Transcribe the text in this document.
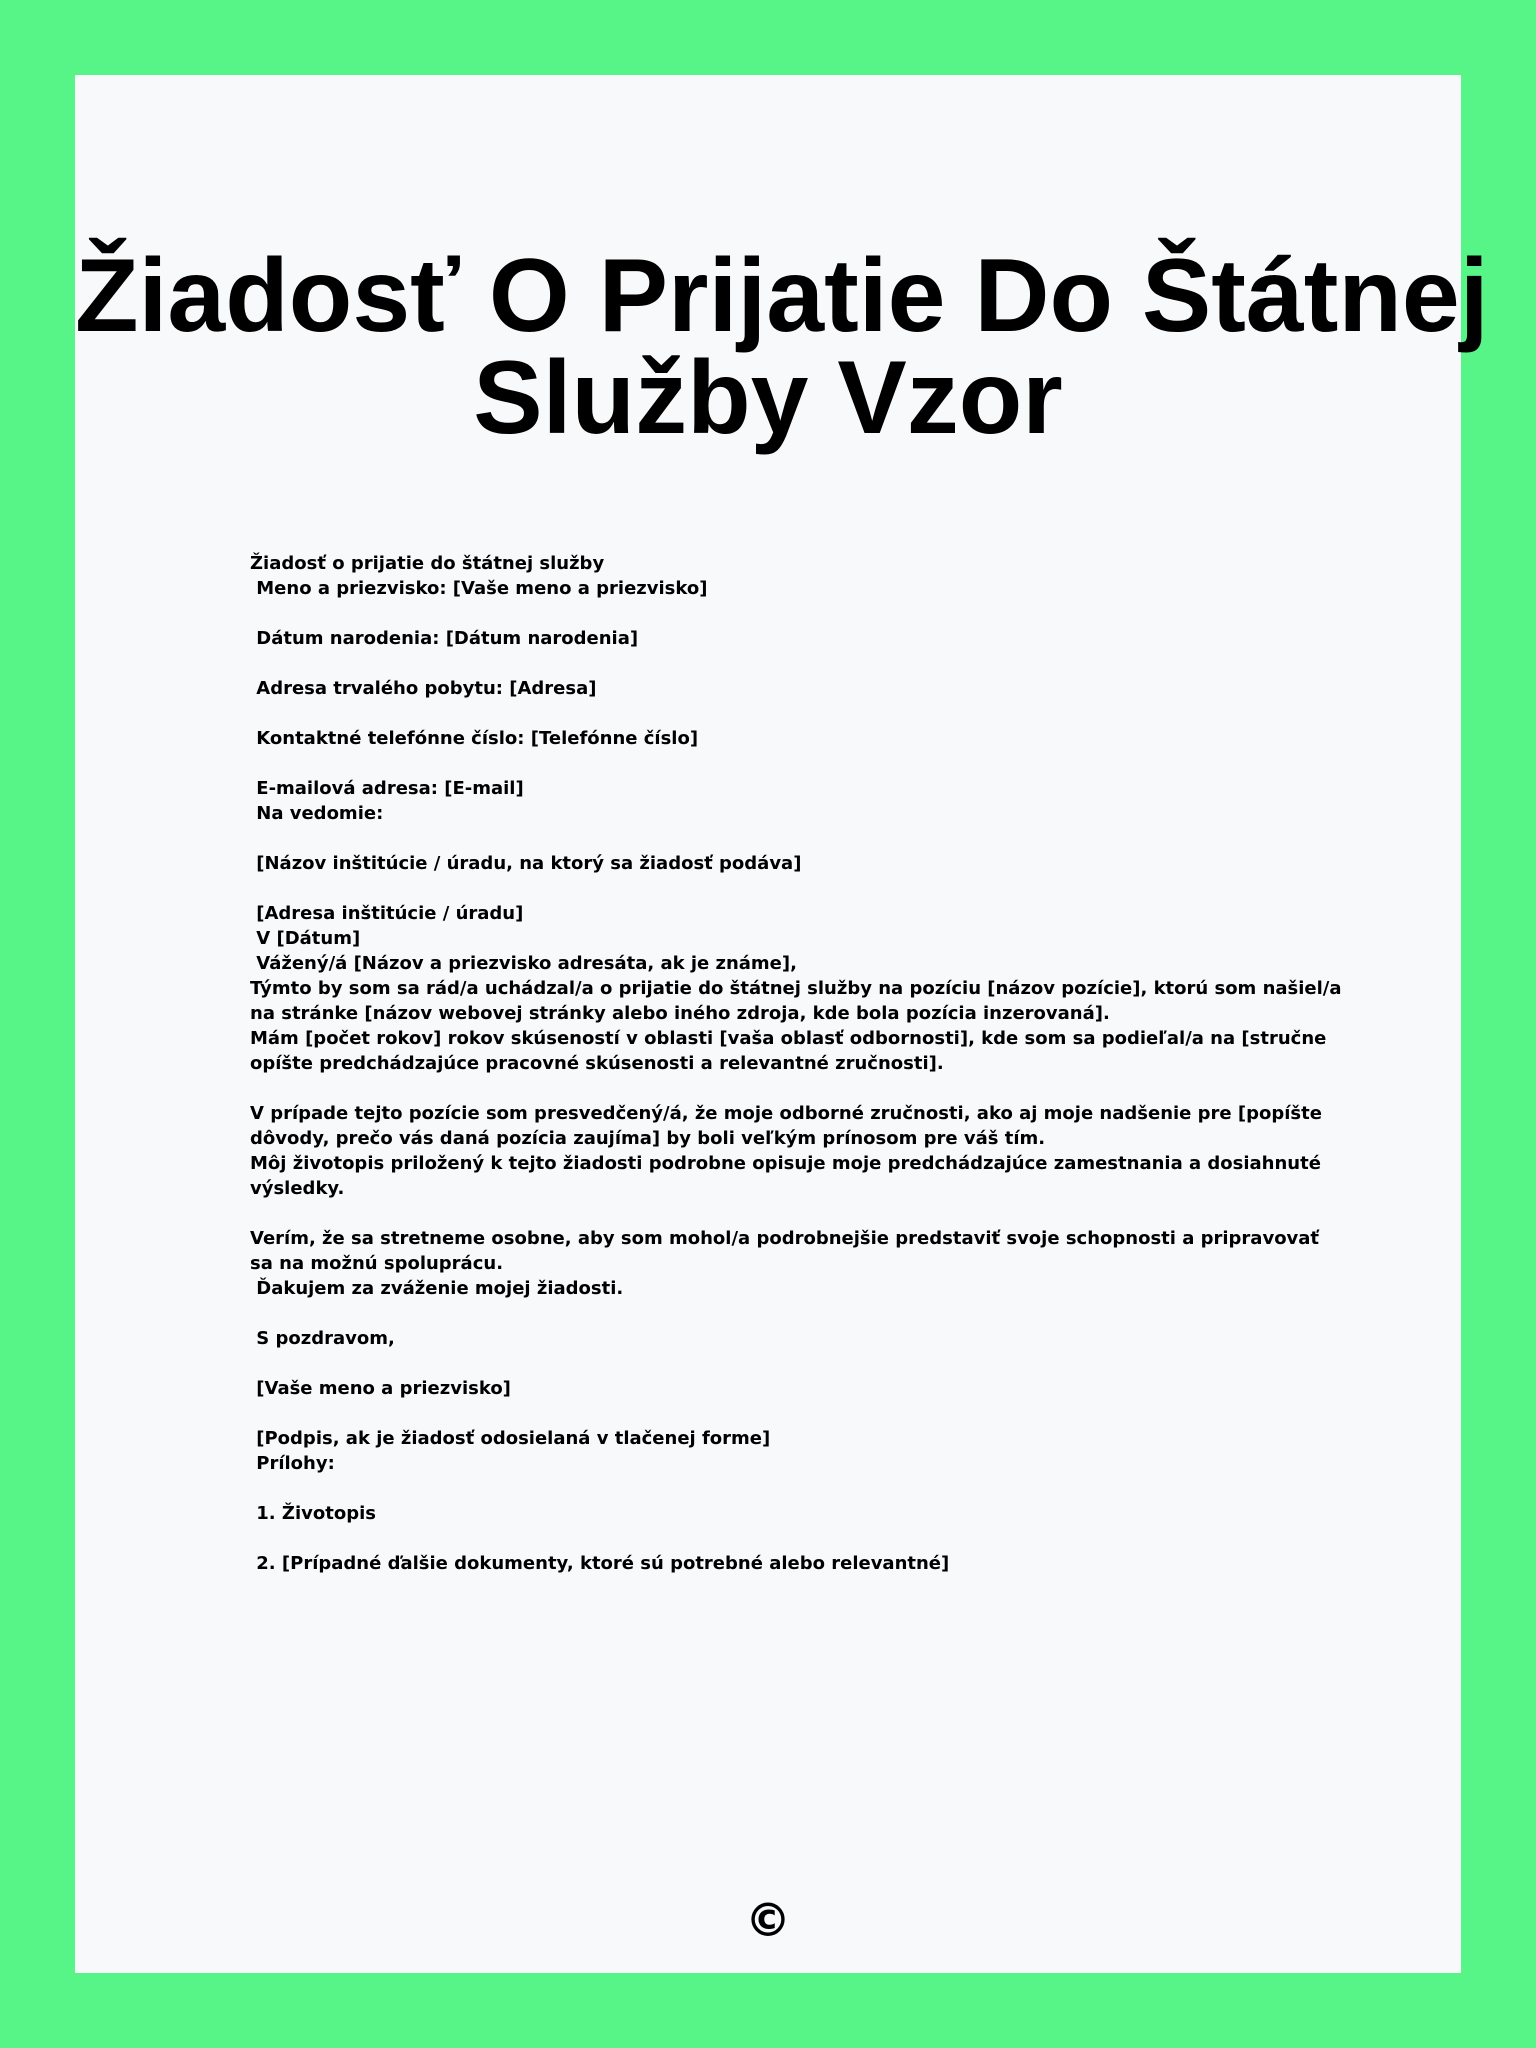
Žiadosť O Prijatie Do Štátnej
Služby Vzor
Žiadosť o prijatie do štátnej služby
Meno a priezvisko: [Vaše meno a priezvisko]
Dátum narodenia: [Dátum narodenia]
Adresa trvalého pobytu: [Adresa]
Kontaktné telefónne číslo: [Telefónne číslo]
E-mailová adresa: [E-mail]
Na vedomie:
[Názov inštitúcie / úradu, na ktorý sa žiadosť podáva]
[Adresa inštitúcie / úradu]
V [Dátum]
Vážený/á [Názov a priezvisko adresáta, ak je známe],
Týmto by som sa rád/a uchádzal/a o prijatie do štátnej služby na pozíciu [názov pozície], ktorú som našiel/a
na stránke [názov webovej stránky alebo iného zdroja, kde bola pozícia inzerovaná].
Mám [počet rokov] rokov skúseností v oblasti [vaša oblasť odbornosti], kde som sa podieľal/a na [stručne
opíšte predchádzajúce pracovné skúsenosti a relevantné zručnosti].
V prípade tejto pozície som presvedčený/á, že moje odborné zručnosti, ako aj moje nadšenie pre [popíšte
dôvody, prečo vás daná pozícia zaujíma] by boli veľkým prínosom pre váš tím.
Môj životopis priložený k tejto žiadosti podrobne opisuje moje predchádzajúce zamestnania a dosiahnuté
výsledky.
Verím, že sa stretneme osobne, aby som mohol/a podrobnejšie predstaviť svoje schopnosti a pripravovať
sa na možnú spoluprácu.
Ďakujem za zváženie mojej žiadosti.
S pozdravom,
[Vaše meno a priezvisko]
[Podpis, ak je žiadosť odosielaná v tlačenej forme]
Prílohy:
1. Životopis
2. [Prípadné ďalšie dokumenty, ktoré sú potrebné alebo relevantné]
©
